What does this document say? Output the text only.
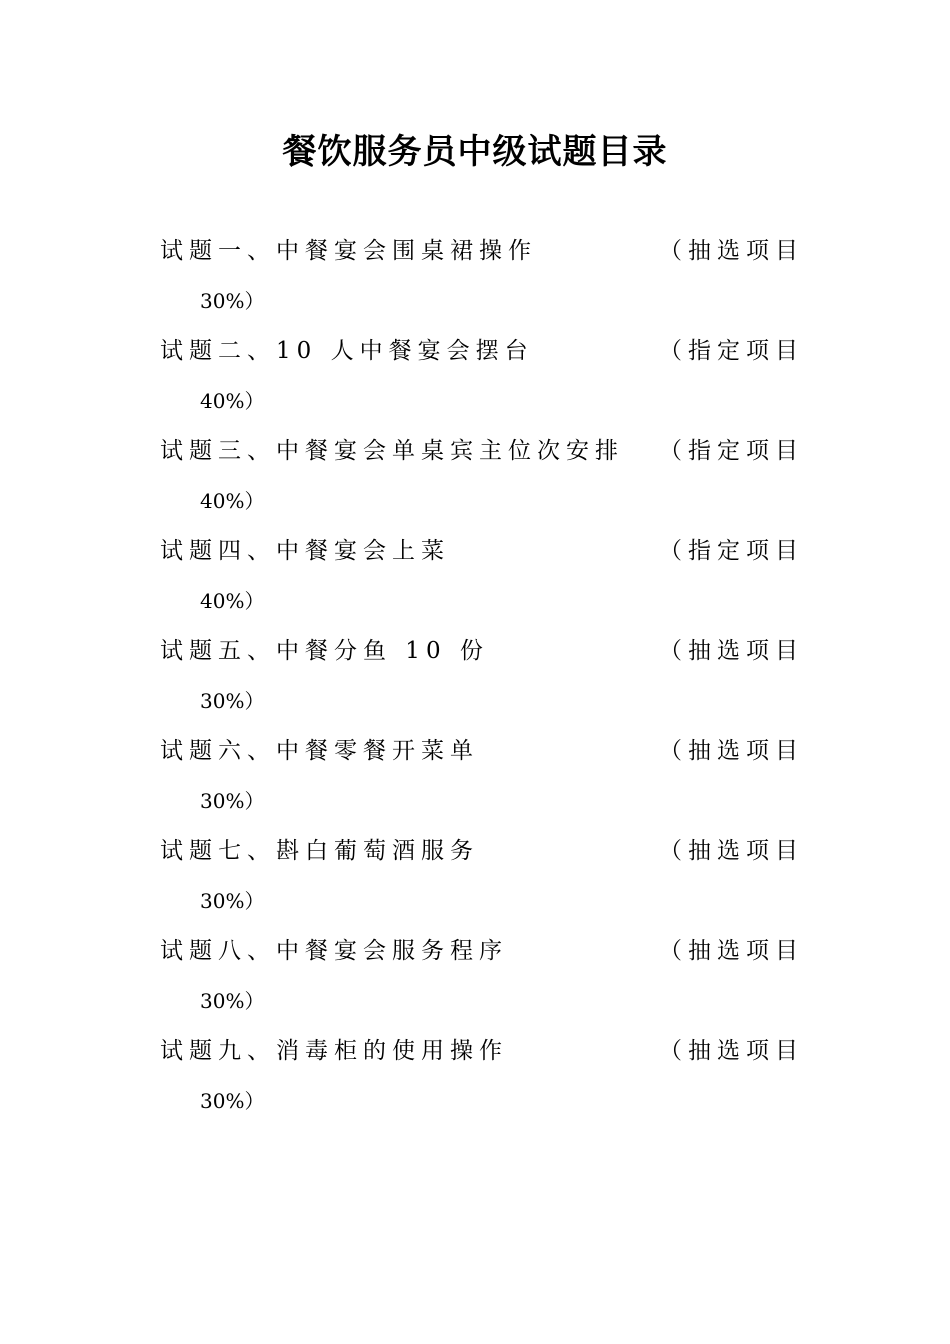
餐饮服务员中级试题目录
试题一、中餐宴会围桌裙操作	（抽选项目
30%）
试题二、10 人中餐宴会摆台	（指定项目
40%）
试题三、中餐宴会单桌宾主位次安排 （指定项目
40%）
试题四、中餐宴会上菜	（指定项目
40%）
试题五、中餐分鱼 10 份	（抽选项目
30%）
试题六、中餐零餐开菜单	（抽选项目
30%）
试题七、斟白葡萄酒服务	（抽选项目
30%）
试题八、中餐宴会服务程序	（抽选项目
30%）
试题九、消毒柜的使用操作	（抽选项目
30%）
